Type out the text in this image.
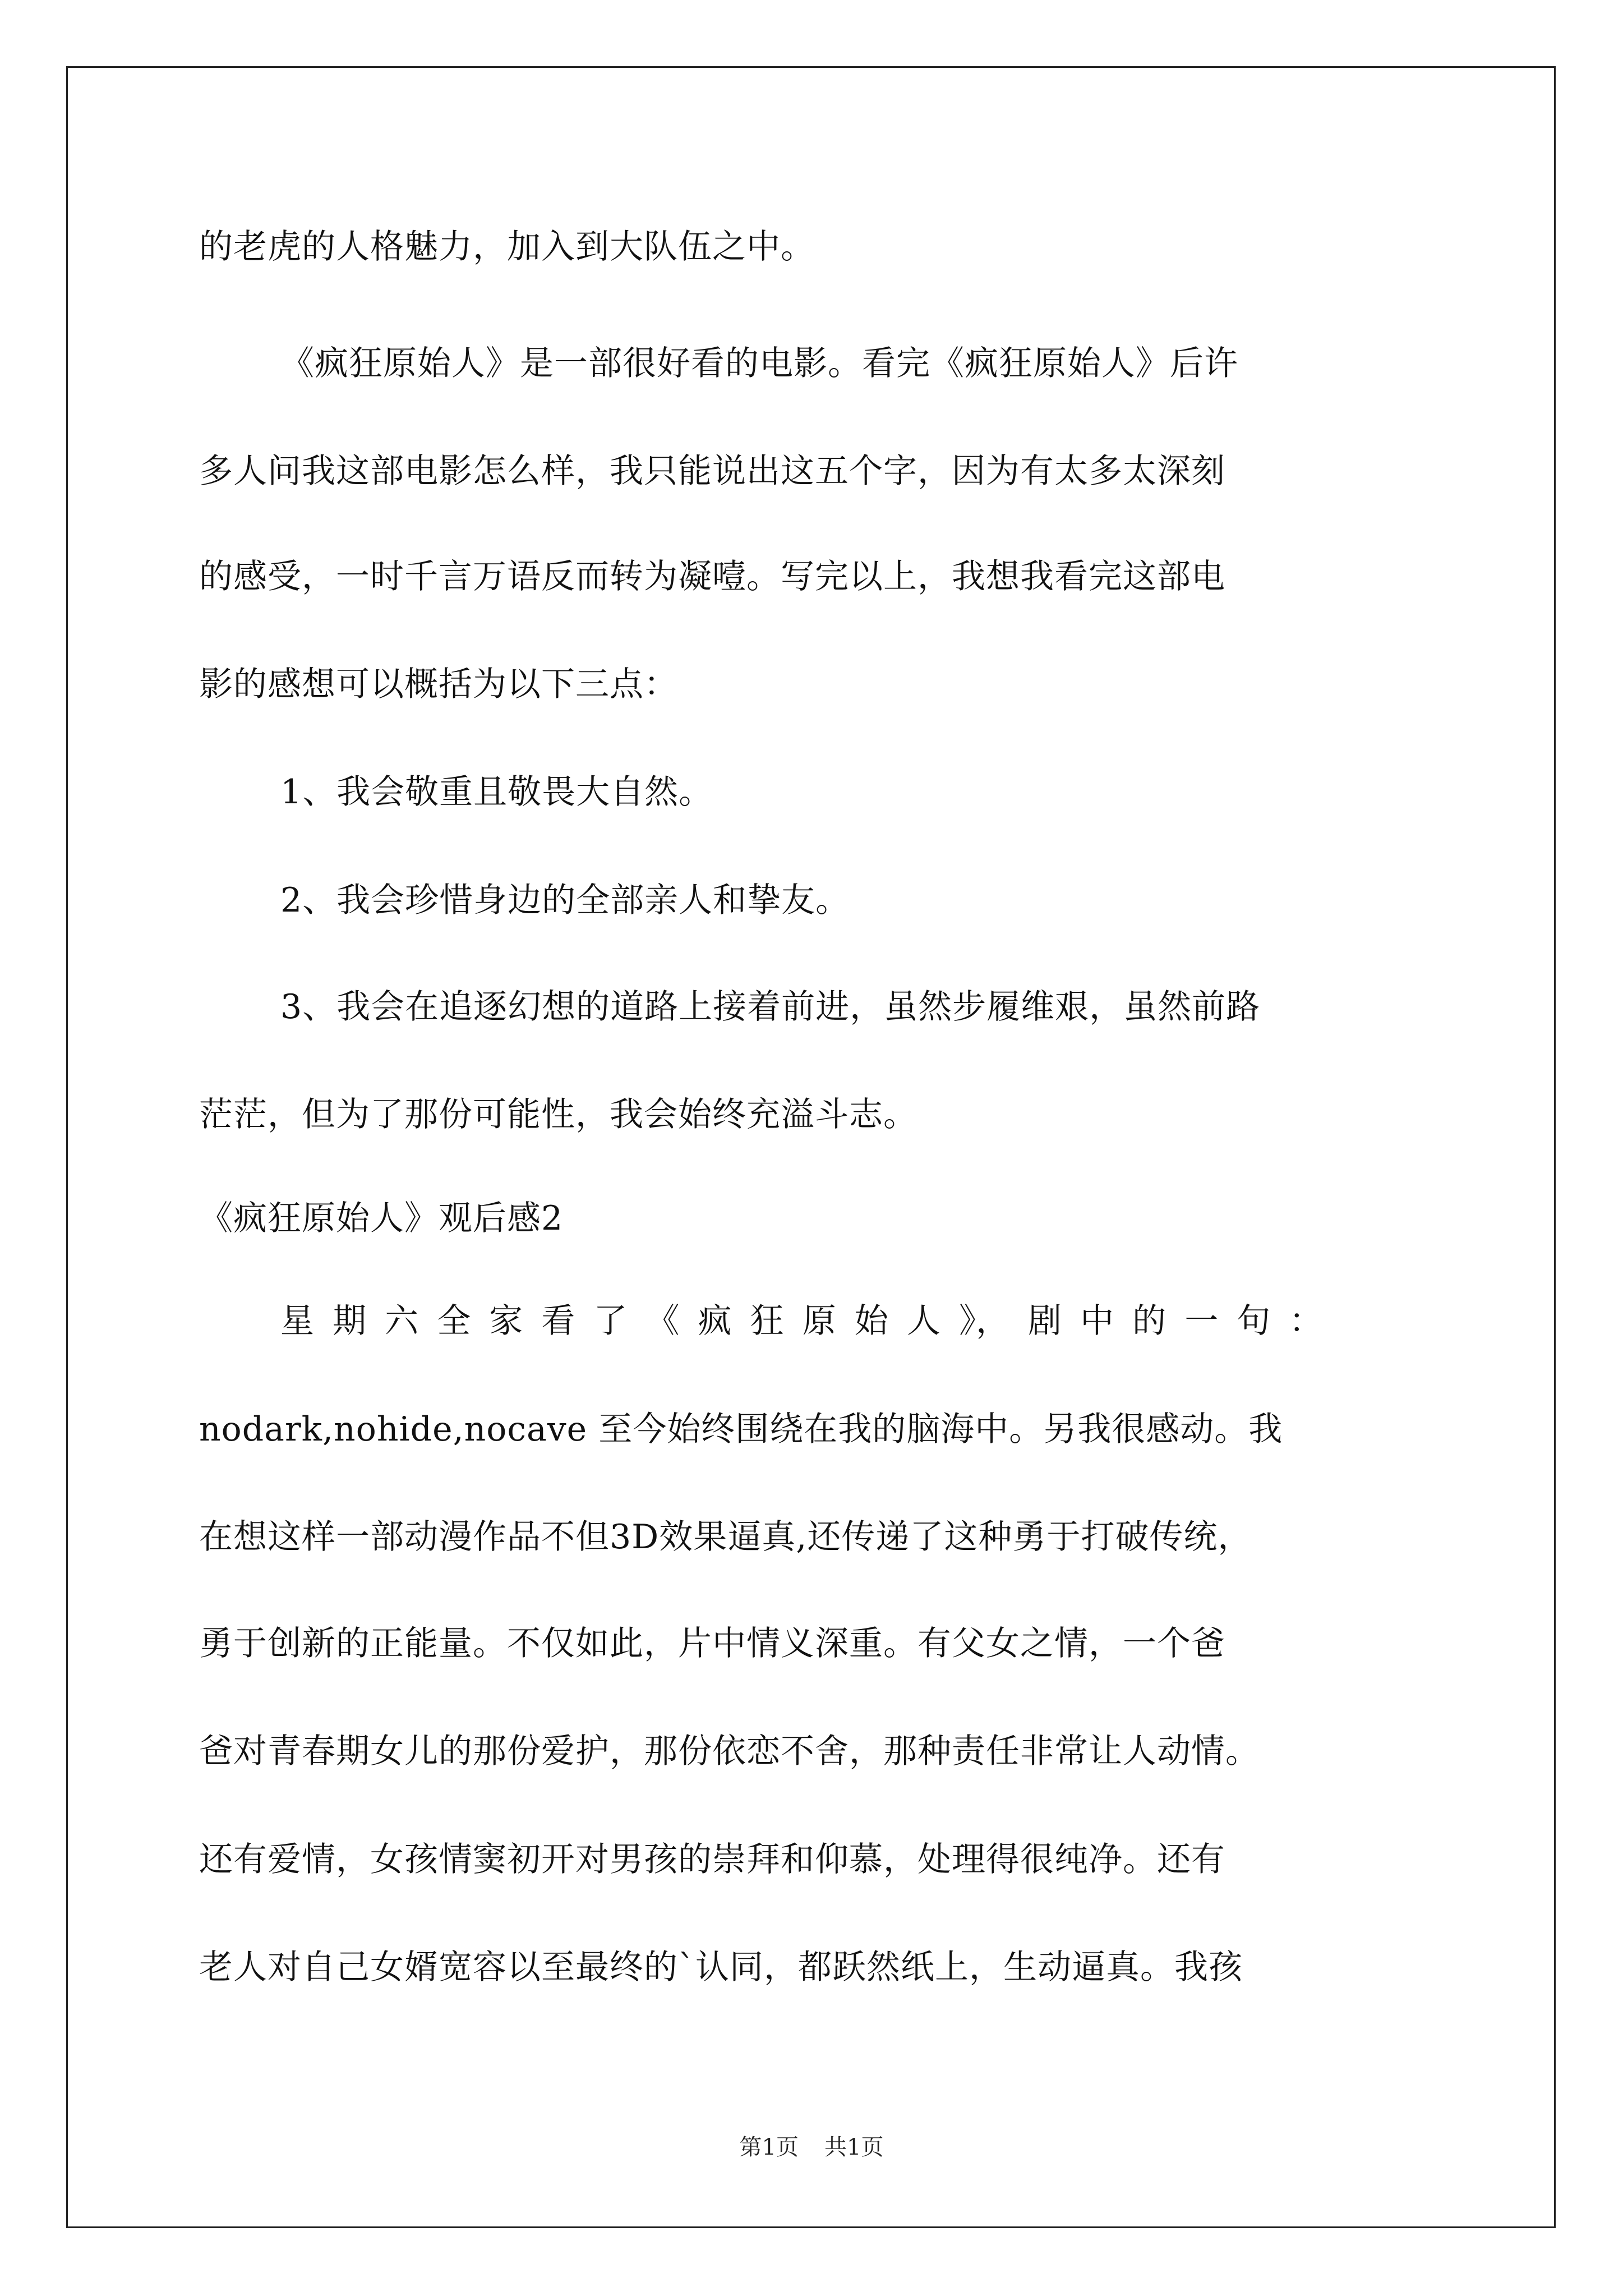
的老虎的人格魅力，加入到大队伍之中。
《疯狂原始人》是一部很好看的电影。看完《疯狂原始人》后许
多人问我这部电影怎么样，我只能说出这五个字，因为有太多太深刻
的感受，一时千言万语反而转为凝噎。写完以上，我想我看完这部电
影的感想可以概括为以下三点：
1、我会敬重且敬畏大自然。
2、我会珍惜身边的全部亲人和挚友。
3、我会在追逐幻想的道路上接着前进，虽然步履维艰，虽然前路
茫茫，但为了那份可能性，我会始终充溢斗志。
《疯狂原始人》观后感2
星 期 六 全 家 看 了 《 疯 狂 原 始 人 》， 剧 中 的 一 句 ：
nodark,nohide,nocave 至今始终围绕在我的脑海中。另我很感动。我
在想这样一部动漫作品不但3D效果逼真,还传递了这种勇于打破传统，
勇于创新的正能量。不仅如此，片中情义深重。有父女之情，一个爸
爸对青春期女儿的那份爱护，那份依恋不舍，那种责任非常让人动情。
还有爱情，女孩情窦初开对男孩的崇拜和仰慕，处理得很纯净。还有
老人对自己女婿宽容以至最终的`认同，都跃然纸上，生动逼真。我孩
第1页 共1页
